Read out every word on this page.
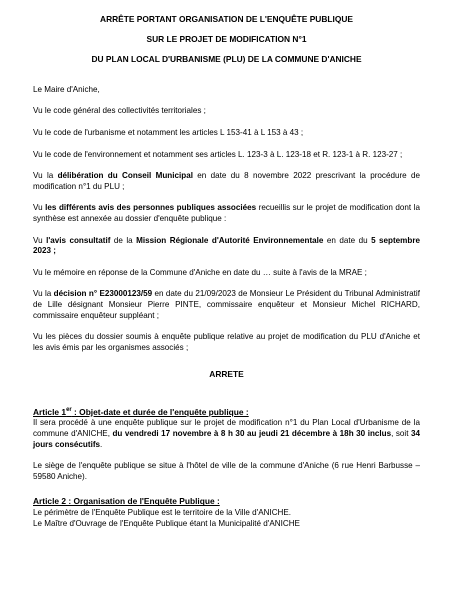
ARRÊTE PORTANT ORGANISATION DE L'ENQUÊTE PUBLIQUE

SUR LE PROJET DE MODIFICATION N°1

DU PLAN LOCAL D'URBANISME (PLU) DE LA COMMUNE D'ANICHE

Le Maire d'Aniche,

Vu le code général des collectivités territoriales ;

Vu le code de l'urbanisme et notamment les articles L 153-41 à L 153 à 43 ;

Vu le code de l'environnement et notamment ses articles L. 123-3 à L. 123-18 et R. 123-1 à R. 123-27 ;

Vu la délibération du Conseil Municipal en date du 8 novembre 2022 prescrivant la procédure de modification n°1 du PLU ;

Vu les différents avis des personnes publiques associées recueillis sur le projet de modification dont la synthèse est annexée au dossier d'enquête publique :

Vu l'avis consultatif de la Mission Régionale d'Autorité Environnementale en date du 5 septembre 2023 ;

Vu le mémoire en réponse de la Commune d'Aniche en date du … suite à l'avis de la MRAE ;

Vu la décision n° E23000123/59 en date du 21/09/2023 de Monsieur Le Président du Tribunal Administratif de Lille désignant Monsieur Pierre PINTE, commissaire enquêteur et Monsieur Michel RICHARD, commissaire enquêteur suppléant ;

Vu les pièces du dossier soumis à enquête publique relative au projet de modification du PLU d'Aniche et les avis émis par les organismes associés ;

ARRETE

Article 1er : Objet-date et durée de l'enquête publique :

Il sera procédé à une enquête publique sur le projet de modification n°1 du Plan Local d'Urbanisme de la commune d'ANICHE, du vendredi 17 novembre à 8 h 30 au jeudi 21 décembre à 18h 30 inclus, soit 34 jours consécutifs.

Le siège de l'enquête publique se situe à l'hôtel de ville de la commune d'Aniche (6 rue Henri Barbusse – 59580 Aniche).

Article 2 : Organisation de l'Enquête Publique :

Le périmètre de l'Enquête Publique est le territoire de la Ville d'ANICHE.

Le Maître d'Ouvrage de l'Enquête Publique étant la Municipalité d'ANICHE
